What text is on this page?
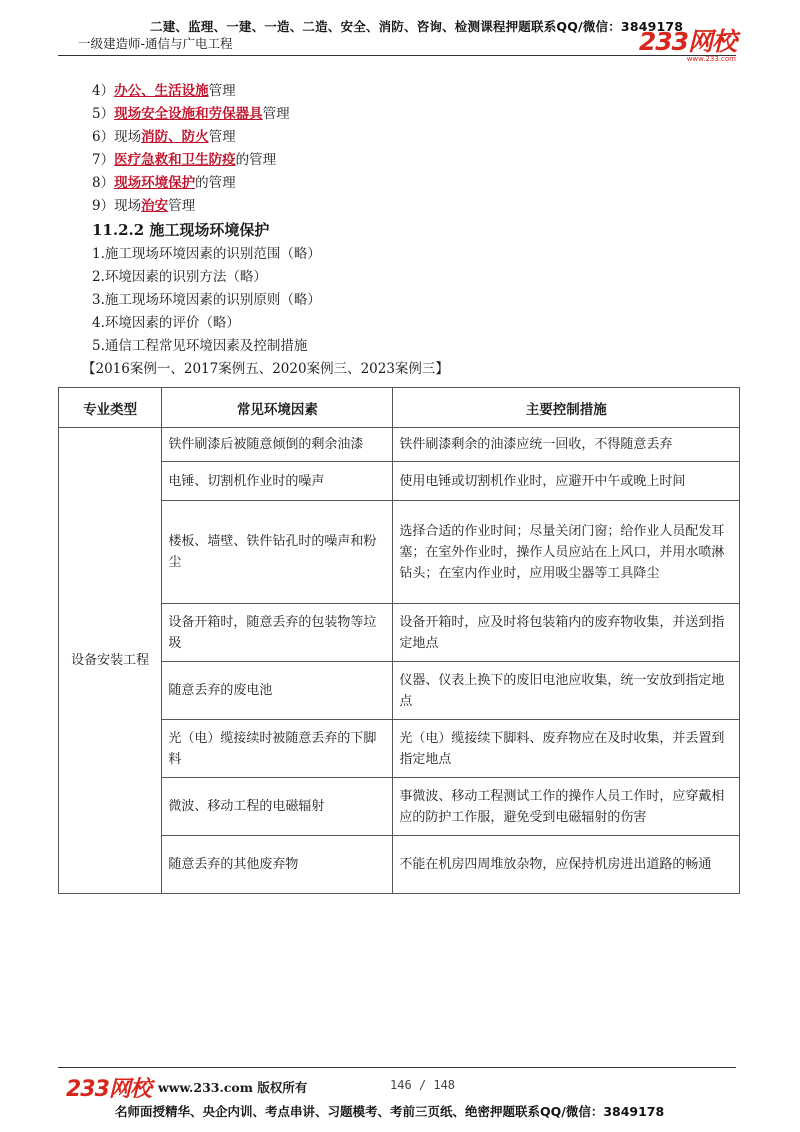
二建、监理、一建、一造、二造、安全、消防、咨询、检测课程押题联系QQ/微信：3849178
一级建造师-通信与广电工程	233网校
www.233.com
4）办公、生活设施管理
5）现场安全设施和劳保器具管理
6）现场消防、防火管理
7）医疗急救和卫生防疫的管理
8）现场环境保护的管理
9）现场治安管理
11.2.2 施工现场环境保护
1.施工现场环境因素的识别范围（略）
2.环境因素的识别方法（略）
3.施工现场环境因素的识别原则（略）
4.环境因素的评价（略）
5.通信工程常见环境因素及控制措施
【2016案例一、2017案例五、2020案例三、2023案例三】
专业类型	常见环境因素	主要控制措施
设备安装工程	铁件刷漆后被随意倾倒的剩余油漆	铁件刷漆剩余的油漆应统一回收，不得随意丢弃
	电锤、切割机作业时的噪声	使用电锤或切割机作业时，应避开中午或晚上时间
	楼板、墙壁、铁件钻孔时的噪声和粉尘	选择合适的作业时间；尽量关闭门窗；给作业人员配发耳塞；在室外作业时，操作人员应站在上风口，并用水喷淋钻头；在室内作业时，应用吸尘器等工具降尘
	设备开箱时，随意丢弃的包装物等垃圾	设备开箱时，应及时将包装箱内的废弃物收集，并送到指定地点
	随意丢弃的废电池	仪器、仪表上换下的废旧电池应收集，统一安放到指定地点
	光（电）缆接续时被随意丢弃的下脚料	光（电）缆接续下脚料、废弃物应在及时收集，并丢置到指定地点
	微波、移动工程的电磁辐射	事微波、移动工程测试工作的操作人员工作时，应穿戴相应的防护工作服，避免受到电磁辐射的伤害
	随意丢弃的其他废弃物	不能在机房四周堆放杂物，应保持机房进出道路的畅通
233网校 www.233.com 版权所有	146 / 148
名师面授精华、央企内训、考点串讲、习题模考、考前三页纸、绝密押题联系QQ/微信：3849178
